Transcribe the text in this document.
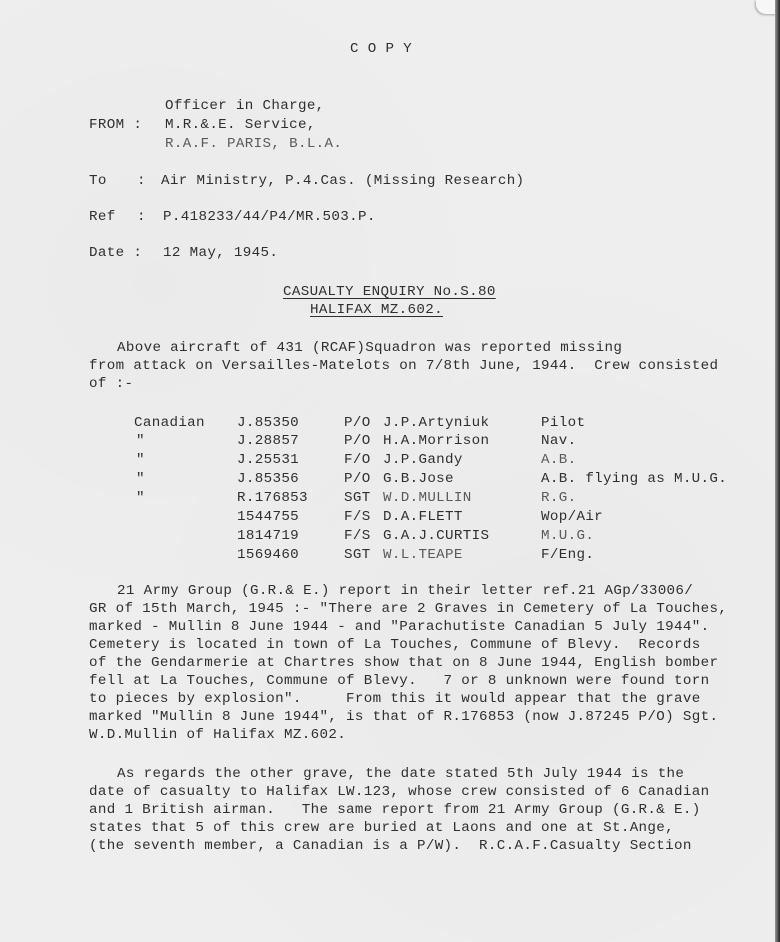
C O P Y
Officer in Charge,
FROM : M.R.&.E. Service,
R.A.F. PARIS, B.L.A.
To : Air Ministry, P.4.Cas. (Missing Research)
Ref : P.418233/44/P4/MR.503.P.
Date : 12 May, 1945.
CASUALTY ENQUIRY No.S.80
HALIFAX MZ.602.
Above aircraft of 431 (RCAF)Squadron was reported missing
from attack on Versailles-Matelots on 7/8th June, 1944.  Crew consisted
of :-
Canadian J.85350	P/O J.P.Artyniuk	Pilot
"	J.28857	P/O H.A.Morrison	Nav.
"	J.25531	F/O J.P.Gandy	A.B.
"	J.85356	P/O G.B.Jose	A.B. flying as M.U.G.
"	R.176853	SGT W.D.MULLIN	R.G.
1544755	F/S D.A.FLETT	Wop/Air
1814719	F/S G.A.J.CURTIS	M.U.G.
1569460	SGT W.L.TEAPE	F/Eng.
21 Army Group (G.R.& E.) report in their letter ref.21 AGp/33006/
GR of 15th March, 1945 :- "There are 2 Graves in Cemetery of La Touches,
marked - Mullin 8 June 1944 - and "Parachutiste Canadian 5 July 1944".
Cemetery is located in town of La Touches, Commune of Blevy.  Records
of the Gendarmerie at Chartres show that on 8 June 1944, English bomber
fell at La Touches, Commune of Blevy.   7 or 8 unknown were found torn
to pieces by explosion".     From this it would appear that the grave
marked "Mullin 8 June 1944", is that of R.176853 (now J.87245 P/O) Sgt.
W.D.Mullin of Halifax MZ.602.
As regards the other grave, the date stated 5th July 1944 is the
date of casualty to Halifax LW.123, whose crew consisted of 6 Canadian
and 1 British airman.   The same report from 21 Army Group (G.R.& E.)
states that 5 of this crew are buried at Laons and one at St.Ange,
(the seventh member, a Canadian is a P/W).  R.C.A.F.Casualty Section
